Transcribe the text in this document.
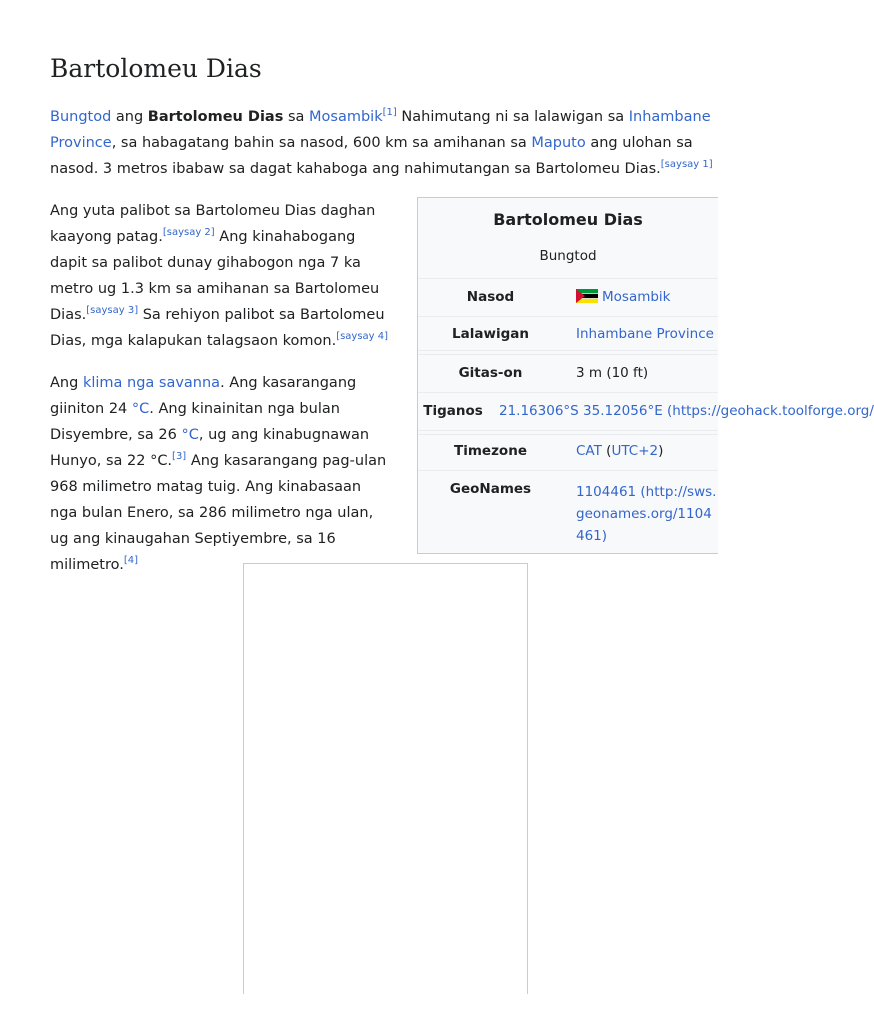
Bartolomeu Dias

Bungtod ang Bartolomeu Dias sa Mosambik[1] Nahimutang ni sa lalawigan sa Inhambane Province, sa habagatang bahin sa nasod, 600 km sa amihanan sa Maputo ang ulohan sa nasod. 3 metros ibabaw sa dagat kahaboga ang nahimutangan sa Bartolomeu Dias.[saysay 1]

Ang yuta palibot sa Bartolomeu Dias daghan kaayong patag.[saysay 2] Ang kinahabogang dapit sa palibot dunay gihabogon nga 7 ka metro ug 1.3 km sa amihanan sa Bartolomeu Dias.[saysay 3] Sa rehiyon palibot sa Bartolomeu Dias, mga kalapukan talagsaon komon.[saysay 4]

Ang klima nga savanna. Ang kasarangang giiniton 24 °C. Ang kinainitan nga bulan Disyembre, sa 26 °C, ug ang kinabugnawan Hunyo, sa 22 °C.[3] Ang kasarangang pag-ulan 968 milimetro matag tuig. Ang kinabasaan nga bulan Enero, sa 286 milimetro nga ulan, ug ang kinaugahan Septiyembre, sa 16 milimetro.[4]

Bartolomeu Dias
Bungtod
Nasod	Mosambik
Lalawigan	Inhambane Province
Gitas-on	3 m (10 ft)
Tiganos	21.16306°S 35.12056°E (https://geohack.toolforge.org/
Timezone	CAT (UTC+2)
GeoNames	1104461 (http://sws.
geonames.org/1104
461)
